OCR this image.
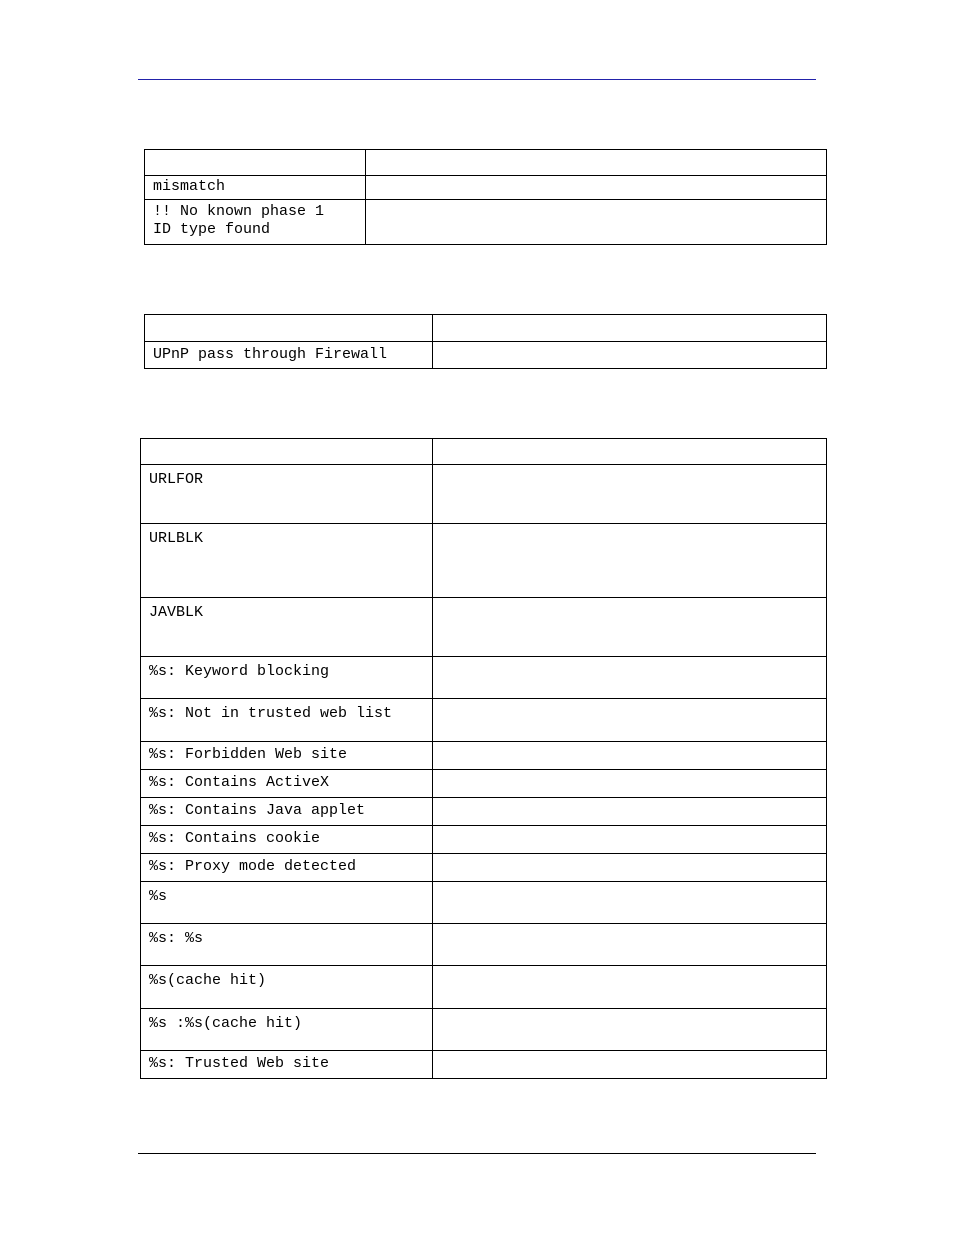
mismatch	
!! No known phase 1
ID type found	

UPnP pass through Firewall	

URLFOR	
URLBLK	
JAVBLK	
%s: Keyword blocking	
%s: Not in trusted web list	
%s: Forbidden Web site	
%s: Contains ActiveX	
%s: Contains Java applet	
%s: Contains cookie	
%s: Proxy mode detected	
%s	
%s: %s	
%s(cache hit)	
%s :%s(cache hit)	
%s: Trusted Web site	
